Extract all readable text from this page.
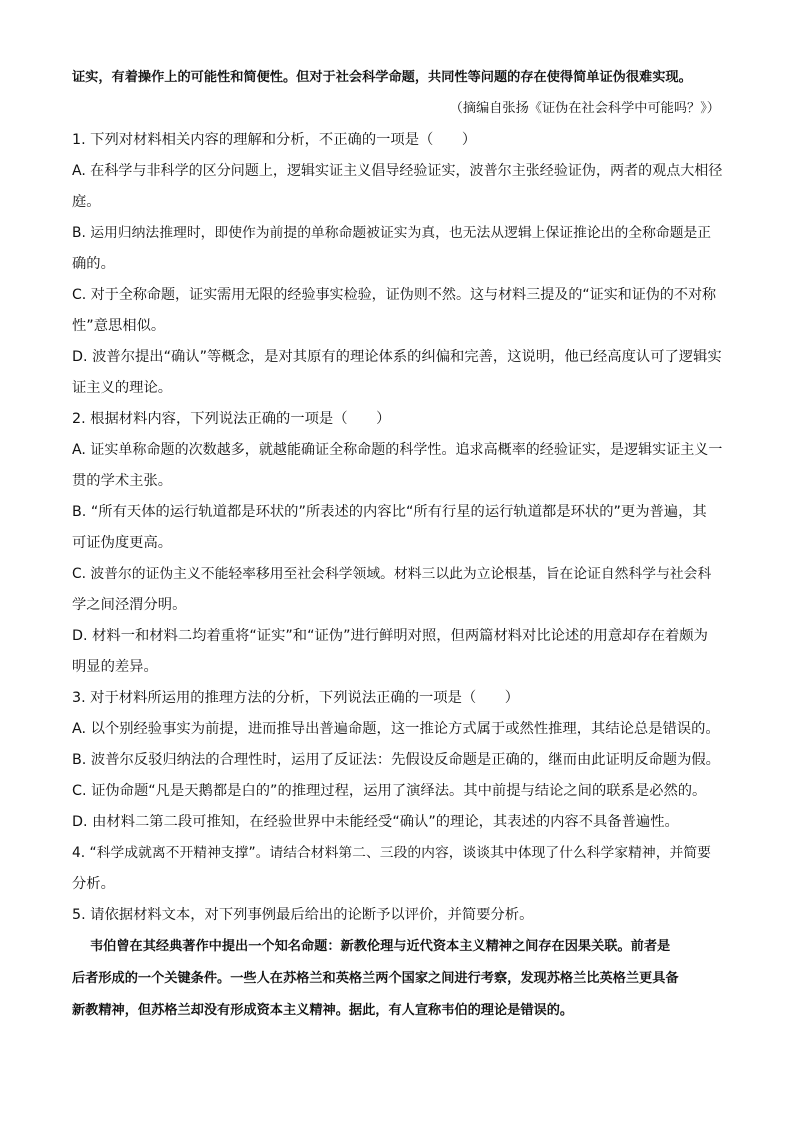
证实，有着操作上的可能性和简便性。但对于社会科学命题，共同性等问题的存在使得简单证伪很难实现。
（摘编自张扬《证伪在社会科学中可能吗？》）
1. 下列对材料相关内容的理解和分析，不正确的一项是（　　）
A. 在科学与非科学的区分问题上，逻辑实证主义倡导经验证实，波普尔主张经验证伪，两者的观点大相径
庭。
B. 运用归纳法推理时，即使作为前提的单称命题被证实为真，也无法从逻辑上保证推论出的全称命题是正
确的。
C. 对于全称命题，证实需用无限的经验事实检验，证伪则不然。这与材料三提及的“证实和证伪的不对称
性”意思相似。
D. 波普尔提出“确认”等概念，是对其原有的理论体系的纠偏和完善，这说明，他已经高度认可了逻辑实
证主义的理论。
2. 根据材料内容，下列说法正确的一项是（　　）
A. 证实单称命题的次数越多，就越能确证全称命题的科学性。追求高概率的经验证实，是逻辑实证主义一
贯的学术主张。
B. “所有天体的运行轨道都是环状的”所表述的内容比“所有行星的运行轨道都是环状的”更为普遍，其
可证伪度更高。
C. 波普尔的证伪主义不能轻率移用至社会科学领域。材料三以此为立论根基，旨在论证自然科学与社会科
学之间泾渭分明。
D. 材料一和材料二均着重将“证实”和“证伪”进行鲜明对照，但两篇材料对比论述的用意却存在着颇为
明显的差异。
3. 对于材料所运用的推理方法的分析，下列说法正确的一项是（　　）
A. 以个别经验事实为前提，进而推导出普遍命题，这一推论方式属于或然性推理，其结论总是错误的。
B. 波普尔反驳归纳法的合理性时，运用了反证法：先假设反命题是正确的，继而由此证明反命题为假。
C. 证伪命题“凡是天鹅都是白的”的推理过程，运用了演绎法。其中前提与结论之间的联系是必然的。
D. 由材料二第二段可推知，在经验世界中未能经受“确认”的理论，其表述的内容不具备普遍性。
4. “科学成就离不开精神支撑”。请结合材料第二、三段的内容，谈谈其中体现了什么科学家精神，并简要
分析。
5. 请依据材料文本，对下列事例最后给出的论断予以评价，并简要分析。
韦伯曾在其经典著作中提出一个知名命题：新教伦理与近代资本主义精神之间存在因果关联。前者是
后者形成的一个关键条件。一些人在苏格兰和英格兰两个国家之间进行考察，发现苏格兰比英格兰更具备
新教精神，但苏格兰却没有形成资本主义精神。据此，有人宣称韦伯的理论是错误的。
